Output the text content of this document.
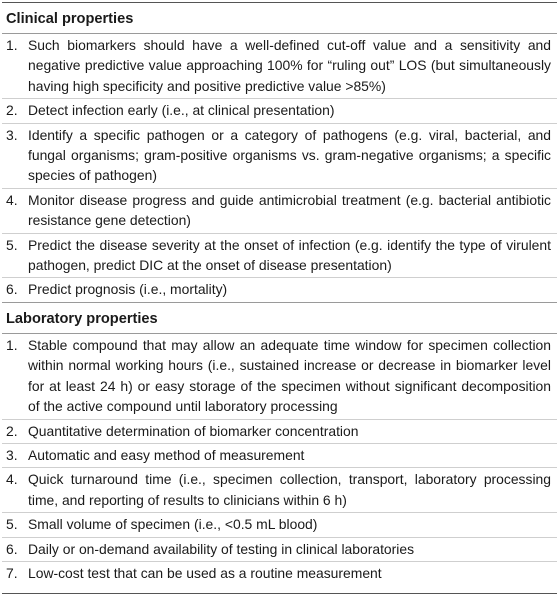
Clinical properties
1. Such biomarkers should have a well-defined cut-off value and a sensitivity and negative predictive value approaching 100% for “ruling out” LOS (but simultaneously having high specificity and positive predictive value >85%)
2. Detect infection early (i.e., at clinical presentation)
3. Identify a specific pathogen or a category of pathogens (e.g. viral, bacterial, and fungal organisms; gram-positive organisms vs. gram-negative organisms; a specific species of pathogen)
4. Monitor disease progress and guide antimicrobial treatment (e.g. bacterial antibiotic resistance gene detection)
5. Predict the disease severity at the onset of infection (e.g. identify the type of virulent pathogen, predict DIC at the onset of disease presentation)
6. Predict prognosis (i.e., mortality)
Laboratory properties
1. Stable compound that may allow an adequate time window for specimen collection within normal working hours (i.e., sustained increase or decrease in biomarker level for at least 24 h) or easy storage of the specimen without significant decomposition of the active compound until laboratory processing
2. Quantitative determination of biomarker concentration
3. Automatic and easy method of measurement
4. Quick turnaround time (i.e., specimen collection, transport, laboratory processing time, and reporting of results to clinicians within 6 h)
5. Small volume of specimen (i.e., <0.5 mL blood)
6. Daily or on-demand availability of testing in clinical laboratories
7. Low-cost test that can be used as a routine measurement
